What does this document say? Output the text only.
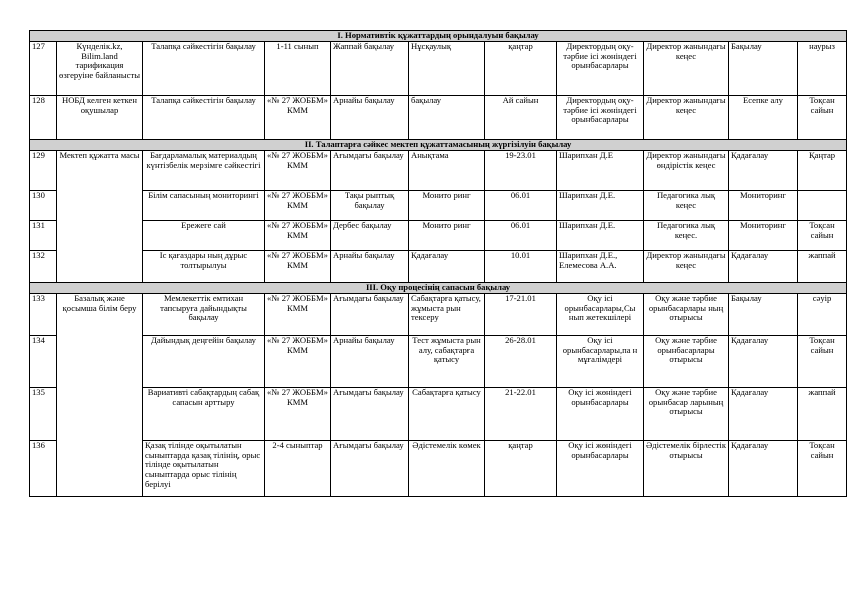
I. Нормативтік құжаттардың орындалуын бақылау										
127	Күнделік.kz, Bilim.land тарификация өзгеруіне байланысты	Талапқа сәйкестігін бақылау	1-11 сынып	Жаппай бақылау	Нұсқаулық	қаңтар	Директордың оқу-тәрбие ісі жөніндегі орынбасарлары	Директор жанындағы кеңес	Бақылау	наурыз
128	НОБД келген кеткен оқушылар	Талапқа сәйкестігін бақылау	«№ 27 ЖОББМ» КММ	Арнайы бақылау	бақылау	Ай сайын	Директордың оқу-тәрбие ісі жөніндегі орынбасарлары	Директор жанындағы кеңес	Есепке алу	Тоқсан сайын
II. Талаптарға сәйкес мектеп құжаттамасының жүргізілуін бақылау										
129	Мектеп құжатта масы	Бағдарламалық материалдың күнтізбелік мерзімге сәйкестігі	«№ 27 ЖОББМ» КММ	Ағымдағы бақылау	Анықтама	19-23.01	Шарипхан Д.Е	Директор жанындағы өндірістік кеңес	Қадағалау	Қаңтар
130		Білім сапасының мониторингі	«№ 27 ЖОББМ» КММ	Тақы рыптық бақылау	Монито ринг	06.01	Шарипхан Д.Е.	Педагогика лық кеңес	Мониторинг	
131		Ережеге сай	«№ 27 ЖОББМ» КММ	Дербес бақылау	Монито ринг	06.01	Шарипхан Д.Е.	Педагогика лық кеңес.	Мониторинг	Тоқсан сайын
132		Іс қағаздары ның дұрыс толтырылуы	«№ 27 ЖОББМ» КММ	Арнайы бақылау	Қадағалау	10.01	Шарипхан Д.Е., Елемесова А.А.	Директор жанындағы кеңес	Қадағалау	жаппай
III. Оқу процесінің сапасын бақылау										
133	Базалық және қосымша білім беру	Мемлекеттік емтихан тапсыруға дайындықты бақылау	«№ 27 ЖОББМ» КММ	Ағымдағы бақылау	Сабақтарға қатысу, жұмыста рын тексеру	17-21.01	Оқу ісі орынбасарлары,Сы нып жетекшілері	Оқу және тәрбие орынбасарлары ның отырысы	Бақылау	сәуір
134		Дайындық деңгейін бақылау	«№ 27 ЖОББМ» КММ	Арнайы бақылау	Тест жұмыста рын алу, сабақтарға қатысу	26-28.01	Оқу ісі орынбасарлары,па н мұғалімдері	Оқу және тәрбие орынбасарлары отырысы	Қадағалау	Тоқсан сайын
135		Вариативті сабақтардың сабақ сапасын арттыру	«№ 27 ЖОББМ» КММ	Ағымдағы бақылау	Сабақтарға қатысу	21-22.01	Оқу ісі жөніндегі орынбасарлары	Оқу және тәрбие орынбасар ларының отырысы	Қадағалау	жаппай
136		Қазақ тілінде оқытылатын сыныптарда қазақ тілінің, орыс тілінде оқытылатын сыныптарда орыс тілінің берілуі	2-4 сыныптар	Ағымдағы бақылау	Әдістемелік көмек	қаңтар	Оқу ісі жөніндегі орынбасарлары	Әдістемелік бірлестік отырысы	Қадағалау	Тоқсан сайын
